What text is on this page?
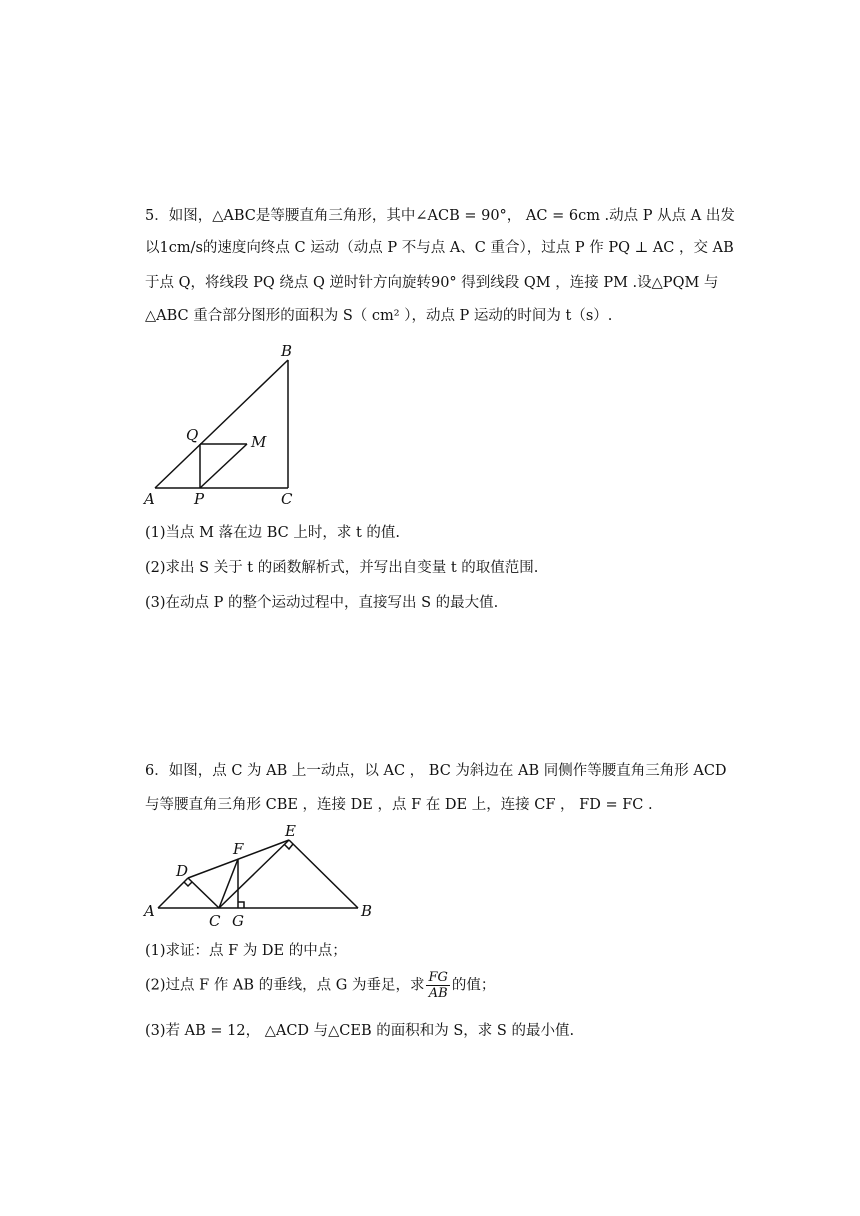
5．如图，△ABC是等腰直角三角形，其中∠ACB = 90°， AC = 6cm .动点 P 从点 A 出发
以1cm/s的速度向终点 C 运动（动点 P 不与点 A、C 重合），过点 P 作 PQ ⊥ AC ，交 AB
于点 Q，将线段 PQ 绕点 Q 逆时针方向旋转90° 得到线段 QM ，连接 PM .设△PQM 与
△ABC 重合部分图形的面积为 S（ cm² ），动点 P 运动的时间为 t（s）.
B
Q	M
A	P	C
(1)当点 M 落在边 BC 上时，求 t 的值.
(2)求出 S 关于 t 的函数解析式，并写出自变量 t 的取值范围.
(3)在动点 P 的整个运动过程中，直接写出 S 的最大值.
6．如图，点 C 为 AB 上一动点，以 AC ， BC 为斜边在 AB 同侧作等腰直角三角形 ACD
与等腰直角三角形 CBE ，连接 DE ，点 F 在 DE 上，连接 CF ， FD = FC .
E
F
D
A
C G
B
(1)求证：点 F 为 DE 的中点；
(2)过点 F 作 AB 的垂线，点 G 为垂足，求 $\frac{FG}{AB}$ 的值；
(3)若 AB = 12， △ACD 与△CEB 的面积和为 S，求 S 的最小值.
